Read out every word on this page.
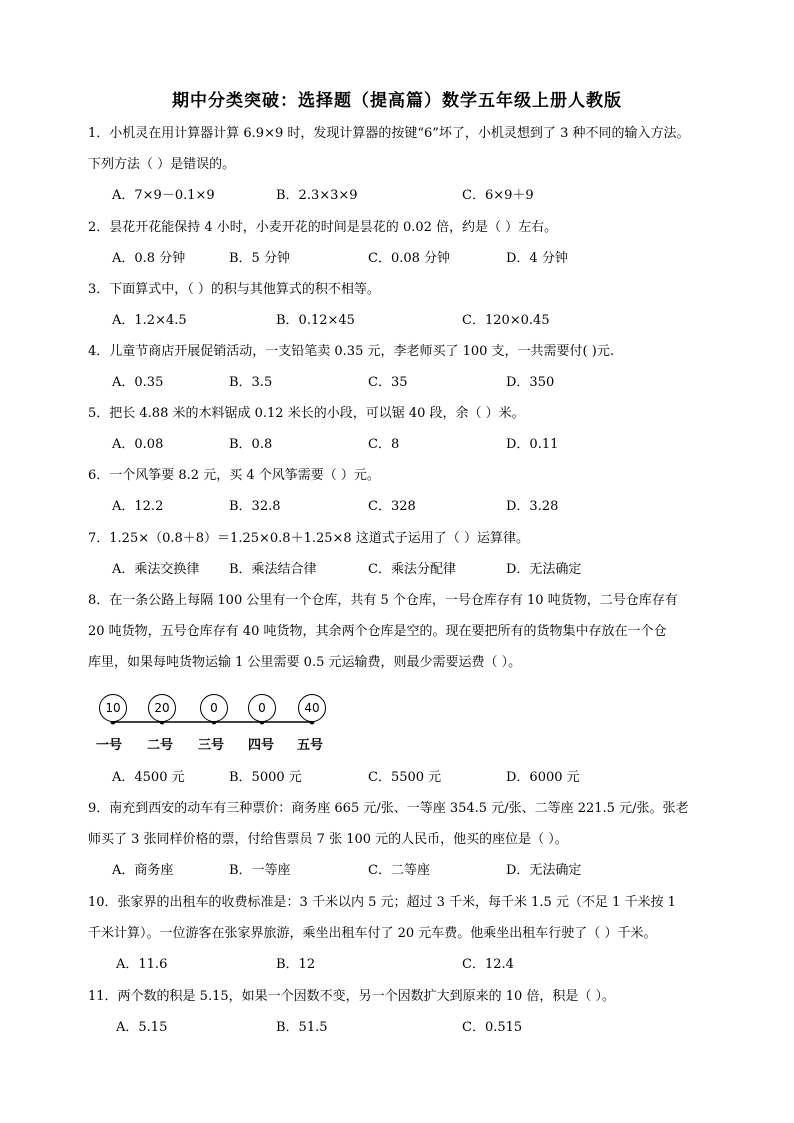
期中分类突破：选择题（提高篇）数学五年级上册人教版
1．小机灵在用计算器计算 6.9×9 时，发现计算器的按键“6”坏了，小机灵想到了 3 种不同的输入方法。
下列方法（ ）是错误的。
A．7×9－0.1×9	B．2.3×3×9	C．6×9＋9
2．昙花开花能保持 4 小时，小麦开花的时间是昙花的 0.02 倍，约是（ ）左右。
A．0.8 分钟	B．5 分钟	C．0.08 分钟	D．4 分钟
3．下面算式中，（ ）的积与其他算式的积不相等。
A．1.2×4.5	B．0.12×45	C．120×0.45
4．儿童节商店开展促销活动，一支铅笔卖 0.35 元，李老师买了 100 支，一共需要付( )元.
A．0.35	B．3.5	C．35	D．350
5．把长 4.88 米的木料锯成 0.12 米长的小段，可以锯 40 段，余（ ）米。
A．0.08	B．0.8	C．8	D．0.11
6．一个风筝要 8.2 元，买 4 个风筝需要（ ）元。
A．12.2	B．32.8	C．328	D．3.28
7．1.25×（0.8＋8）＝1.25×0.8＋1.25×8 这道式子运用了（ ）运算律。
A．乘法交换律 B．乘法结合律	C．乘法分配律	D．无法确定
8．在一条公路上每隔 100 公里有一个仓库，共有 5 个仓库，一号仓库存有 10 吨货物，二号仓库存有
20 吨货物，五号仓库存有 40 吨货物，其余两个仓库是空的。现在要把所有的货物集中存放在一个仓
库里，如果每吨货物运输 1 公里需要 0.5 元运输费，则最少需要运费（ ）。
10	20	0	0	40
一号 二号 三号 四号 五号
A．4500 元	B．5000 元	C．5500 元	D．6000 元
9．南充到西安的动车有三种票价：商务座 665 元/张、一等座 354.5 元/张、二等座 221.5 元/张。张老
师买了 3 张同样价格的票，付给售票员 7 张 100 元的人民币，他买的座位是（ ）。
A．商务座	B．一等座	C．二等座	D．无法确定
10．张家界的出租车的收费标准是：3 千米以内 5 元；超过 3 千米，每千米 1.5 元（不足 1 千米按 1
千米计算）。一位游客在张家界旅游，乘坐出租车付了 20 元车费。他乘坐出租车行驶了（ ）千米。
A．11.6	B．12	C．12.4
11．两个数的积是 5.15，如果一个因数不变，另一个因数扩大到原来的 10 倍，积是（ ）。
A．5.15	B．51.5	C．0.515
